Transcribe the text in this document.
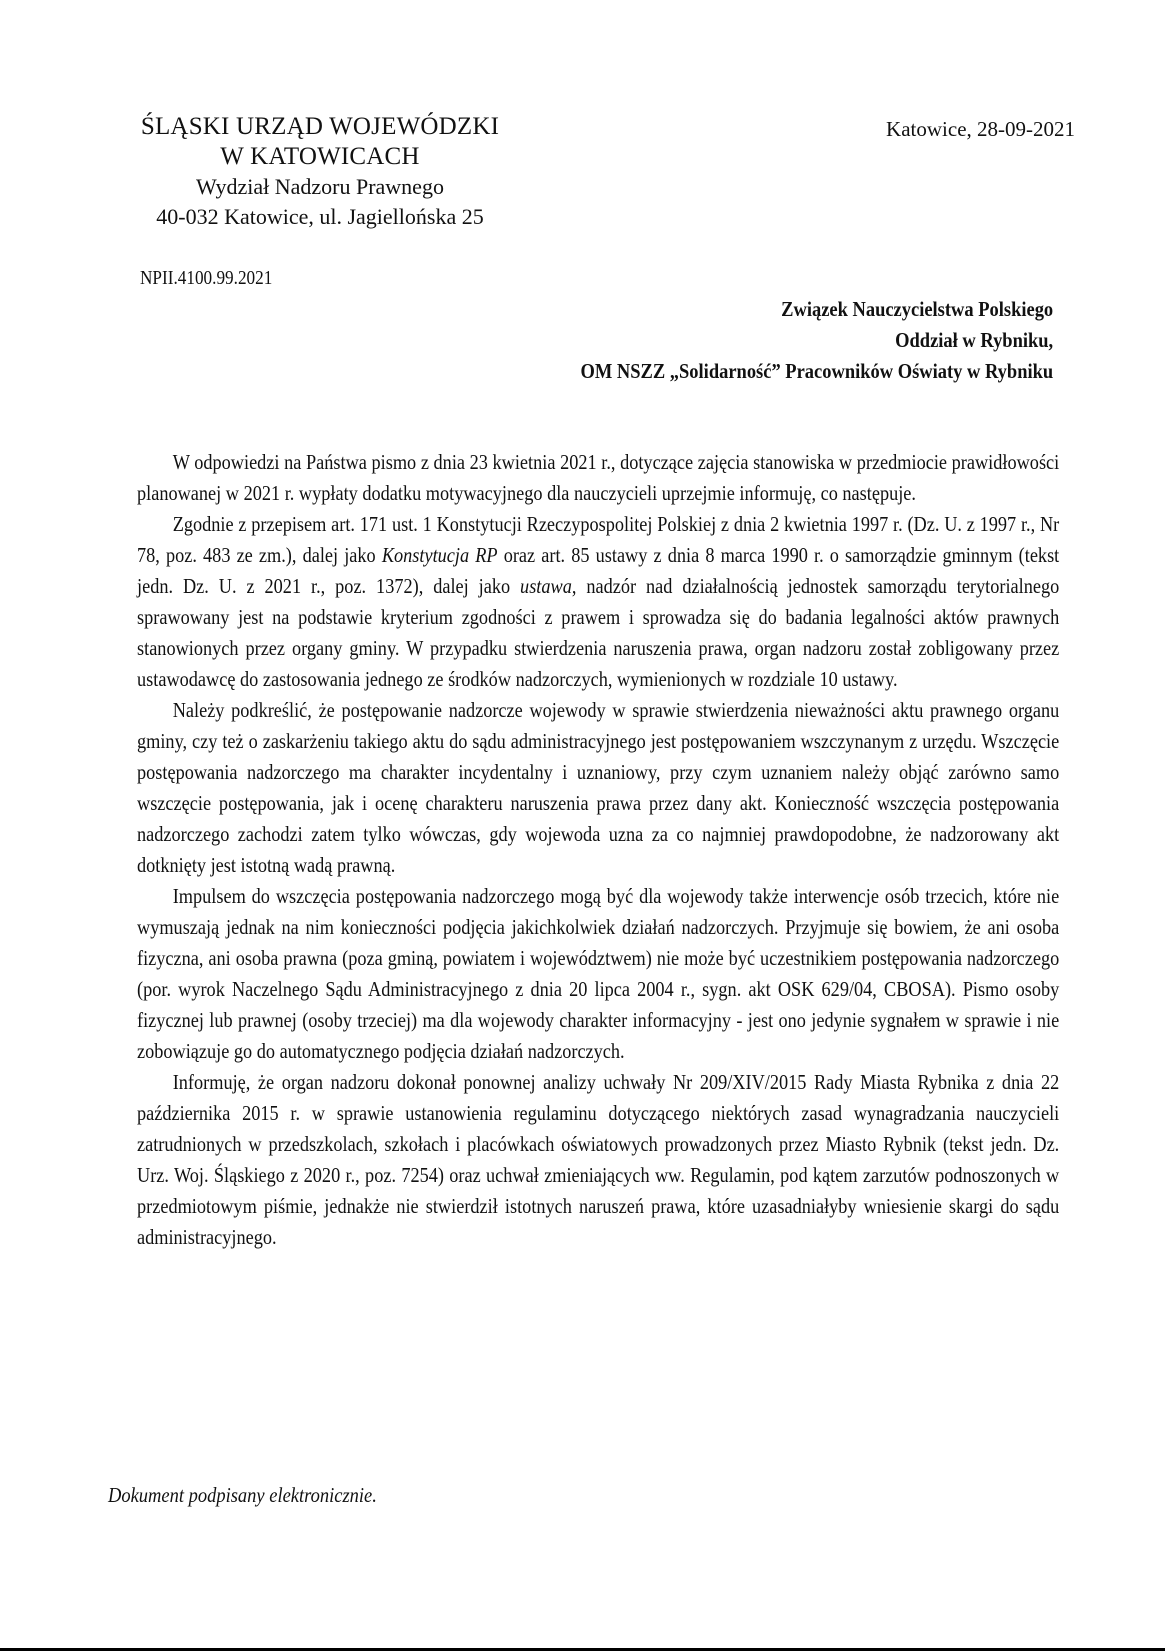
ŚLĄSKI URZĄD WOJEWÓDZKI
W KATOWICACH
Wydział Nadzoru Prawnego
40-032 Katowice, ul. Jagiellońska 25
Katowice, 28-09-2021
NPII.4100.99.2021
Związek Nauczycielstwa Polskiego
Oddział w Rybniku,
OM NSZZ „Solidarność” Pracowników Oświaty w Rybniku

W odpowiedzi na Państwa pismo z dnia 23 kwietnia 2021 r., dotyczące zajęcia stanowiska w przedmiocie prawidłowości planowanej w 2021 r. wypłaty dodatku motywacyjnego dla nauczycieli uprzejmie informuję, co następuje.

Zgodnie z przepisem art. 171 ust. 1 Konstytucji Rzeczypospolitej Polskiej z dnia 2 kwietnia 1997 r. (Dz. U. z 1997 r., Nr 78, poz. 483 ze zm.), dalej jako Konstytucja RP oraz art. 85 ustawy z dnia 8 marca 1990 r. o samorządzie gminnym (tekst jedn. Dz. U. z 2021 r., poz. 1372), dalej jako ustawa, nadzór nad działalnością jednostek samorządu terytorialnego sprawowany jest na podstawie kryterium zgodności z prawem i sprowadza się do badania legalności aktów prawnych stanowionych przez organy gminy. W przypadku stwierdzenia naruszenia prawa, organ nadzoru został zobligowany przez ustawodawcę do zastosowania jednego ze środków nadzorczych, wymienionych w rozdziale 10 ustawy.

Należy podkreślić, że postępowanie nadzorcze wojewody w sprawie stwierdzenia nieważności aktu prawnego organu gminy, czy też o zaskarżeniu takiego aktu do sądu administracyjnego jest postępowaniem wszczynanym z urzędu. Wszczęcie postępowania nadzorczego ma charakter incydentalny i uznaniowy, przy czym uznaniem należy objąć zarówno samo wszczęcie postępowania, jak i ocenę charakteru naruszenia prawa przez dany akt. Konieczność wszczęcia postępowania nadzorczego zachodzi zatem tylko wówczas, gdy wojewoda uzna za co najmniej prawdopodobne, że nadzorowany akt dotknięty jest istotną wadą prawną.

Impulsem do wszczęcia postępowania nadzorczego mogą być dla wojewody także interwencje osób trzecich, które nie wymuszają jednak na nim konieczności podjęcia jakichkolwiek działań nadzorczych. Przyjmuje się bowiem, że ani osoba fizyczna, ani osoba prawna (poza gminą, powiatem i województwem) nie może być uczestnikiem postępowania nadzorczego (por. wyrok Naczelnego Sądu Administracyjnego z dnia 20 lipca 2004 r., sygn. akt OSK 629/04, CBOSA). Pismo osoby fizycznej lub prawnej (osoby trzeciej) ma dla wojewody charakter informacyjny - jest ono jedynie sygnałem w sprawie i nie zobowiązuje go do automatycznego podjęcia działań nadzorczych.

Informuję, że organ nadzoru dokonał ponownej analizy uchwały Nr 209/XIV/2015 Rady Miasta Rybnika z dnia 22 października 2015 r. w sprawie ustanowienia regulaminu dotyczącego niektórych zasad wynagradzania nauczycieli zatrudnionych w przedszkolach, szkołach i placówkach oświatowych prowadzonych przez Miasto Rybnik (tekst jedn. Dz. Urz. Woj. Śląskiego z 2020 r., poz. 7254) oraz uchwał zmieniających ww. Regulamin, pod kątem zarzutów podnoszonych w przedmiotowym piśmie, jednakże nie stwierdził istotnych naruszeń prawa, które uzasadniałyby wniesienie skargi do sądu administracyjnego.

Dokument podpisany elektronicznie.
